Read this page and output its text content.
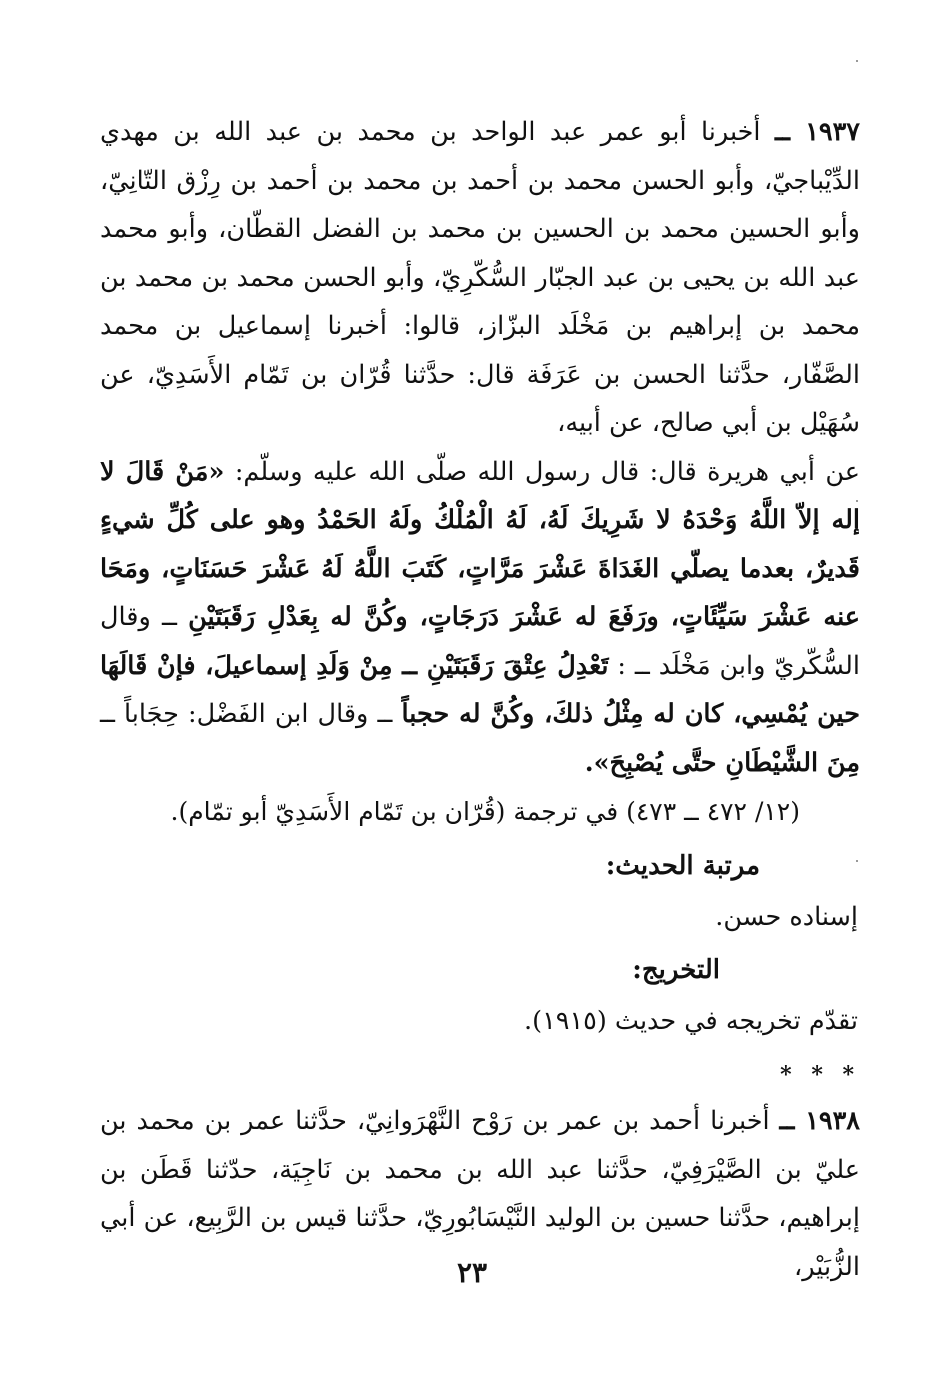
١٩٣٧ ــ أخبرنا أبو عمر عبد الواحد بن محمد بن عبد الله بن مهدي الدِّيْباجيّ، وأبو الحسن محمد بن أحمد بن محمد بن أحمد بن رِزْق التّانِيّ، وأبو الحسين محمد بن الحسين بن محمد بن الفضل القطّان، وأبو محمد عبد الله بن يحيى بن عبد الجبّار السُّكّرِيّ، وأبو الحسن محمد بن محمد بن محمد بن إبراهيم بن مَخْلَد البزّاز، قالوا: أخبرنا إسماعيل بن محمد الصَّفّار، حدَّثنا الحسن بن عَرَفَة قال: حدَّثنا قُرّان بن تَمّام الأَسَدِيّ، عن سُهَيْل بن أبي صالح، عن أبيه،

عن أبي هريرة قال: قال رسول الله صلّى الله عليه وسلّم: «مَنْ قَالَ لا إله إلاّ اللَّهُ وَحْدَهُ لا شَرِيكَ لَهُ، لَهُ الْمُلْكُ ولَهُ الحَمْدُ وهو على كُلِّ شيءٍ قَديرٌ، بعدما يصلّي الغَدَاةَ عَشْرَ مَرَّاتٍ، كَتَبَ اللَّهُ لَهُ عَشْرَ حَسَنَاتٍ، ومَحَا عنه عَشْرَ سَيِّئَاتٍ، ورَفَعَ له عَشْرَ دَرَجَاتٍ، وكُنَّ له بِعَدْلِ رَقَبَتَيْنِ ــ وقال السُّكّريّ وابن مَخْلَد ــ : تَعْدِلُ عِتْقَ رَقَبَتَيْنِ ــ مِنْ وَلَدِ إسماعيلَ، فإنْ قَالَهَا حين يُمْسِي، كان له مِثْلُ ذلكَ، وكُنَّ له حجباً ــ وقال ابن الفَضْل: حِجَاباً ــ مِنَ الشَّيْطَانِ حتَّى يُصْبِحَ».

(١٢/ ٤٧٢ ــ ٤٧٣) في ترجمة (قُرّان بن تَمّام الأَسَدِيّ أبو تمّام).

مرتبة الحديث:

إسناده حسن.

التخريج:

تقدّم تخريجه في حديث (١٩١٥).

* * *

١٩٣٨ ــ أخبرنا أحمد بن عمر بن رَوْح النَّهْرَوانِيّ، حدَّثنا عمر بن محمد بن عليّ بن الصَّيْرَفِيّ، حدَّثنا عبد الله بن محمد بن نَاجِيَة، حدّثنا قَطَن بن إبراهيم، حدَّثنا حسين بن الوليد النَّيْسَابُورِيّ، حدَّثنا قيس بن الرَّبِيع، عن أبي الزُّبَيْر،

٢٣
